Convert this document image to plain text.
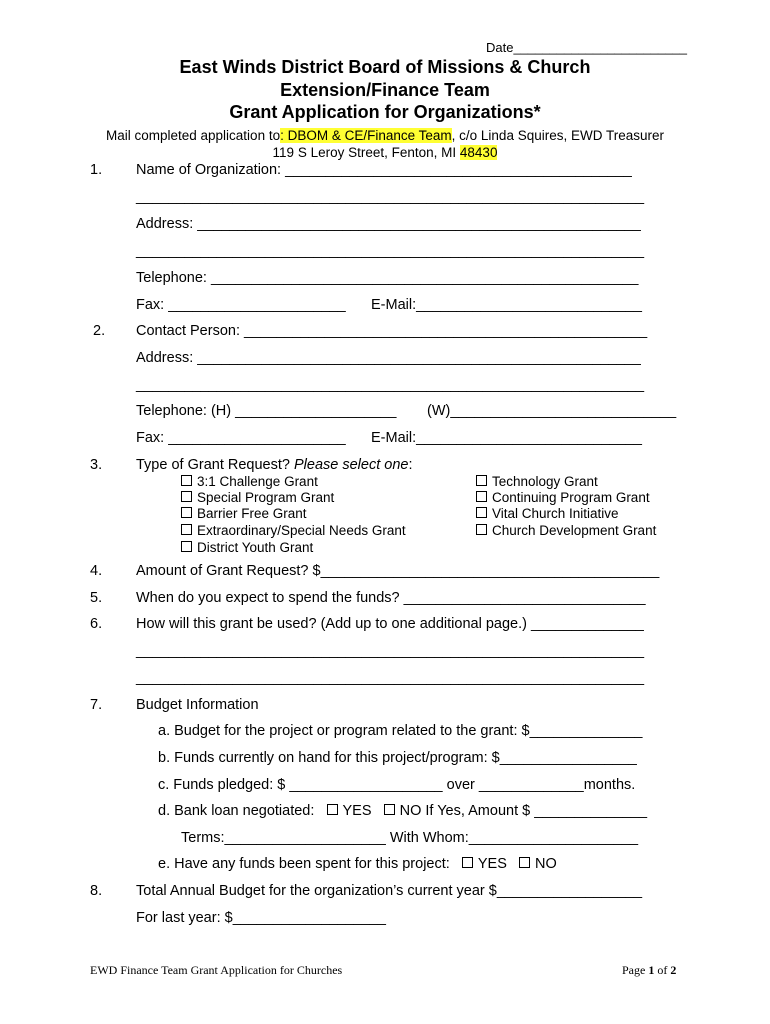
Date________________________
East Winds District Board of Missions & Church
Extension/Finance Team
Grant Application for Organizations*
Mail completed application to: DBOM & CE/Finance Team, c/o Linda Squires, EWD Treasurer
119 S Leroy Street, Fenton, MI 48430
1. Name of Organization: ___________________________________________
_______________________________________________________________
Address: _______________________________________________________
_______________________________________________________________
Telephone: _____________________________________________________
Fax: ______________________ E-Mail:____________________________
2. Contact Person: __________________________________________________
Address: _______________________________________________________
_______________________________________________________________
Telephone: (H) ____________________ (W)____________________________
Fax: ______________________ E-Mail:____________________________
3. Type of Grant Request? Please select one:
3:1 Challenge Grant
Special Program Grant
Barrier Free Grant
Extraordinary/Special Needs Grant
District Youth Grant
Technology Grant
Continuing Program Grant
Vital Church Initiative
Church Development Grant
4. Amount of Grant Request? $__________________________________________
5. When do you expect to spend the funds? ______________________________
6. How will this grant be used? (Add up to one additional page.) ______________
_______________________________________________________________
_______________________________________________________________
7. Budget Information
a. Budget for the project or program related to the grant: $______________
b. Funds currently on hand for this project/program: $_________________
c. Funds pledged: $ ___________________ over _____________months.
d. Bank loan negotiated: YES NO If Yes, Amount $ ______________
Terms:____________________ With Whom:_____________________
e. Have any funds been spent for this project: YES NO
8. Total Annual Budget for the organization’s current year $__________________
For last year: $___________________
EWD Finance Team Grant Application for Churches	Page 1 of 2
